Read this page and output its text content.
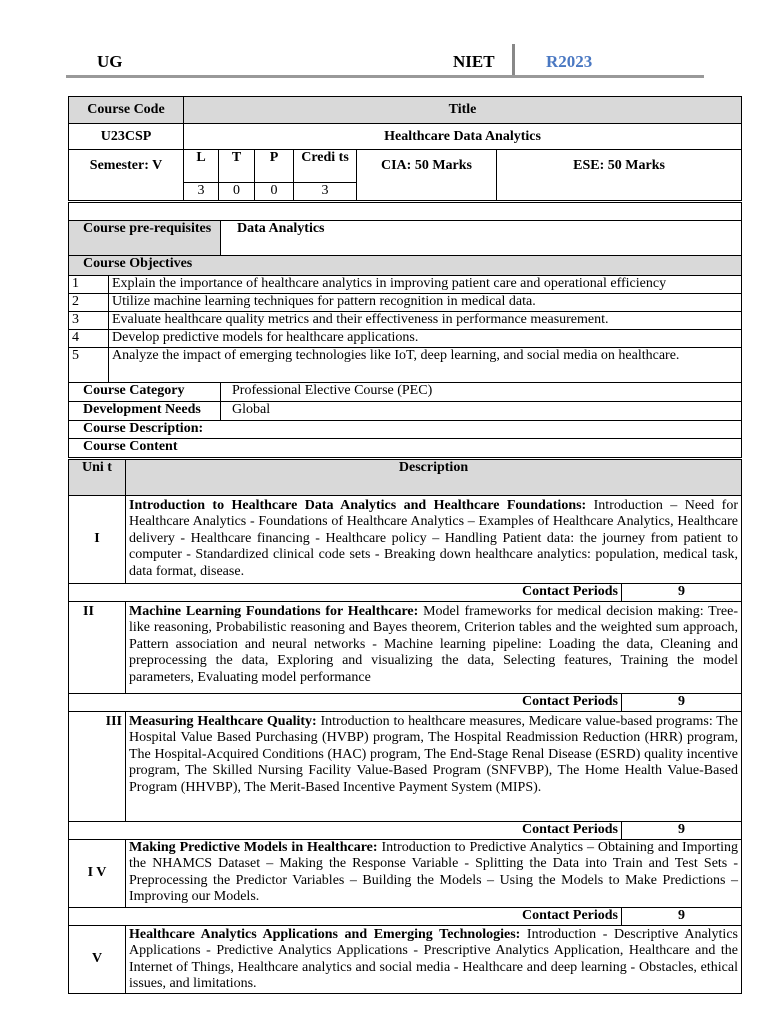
UG	NIET	R2023
Course Code	Title					
U23CSP	Healthcare Data Analytics					
Semester: V	L	T	P	Credi ts	CIA: 50 Marks	ESE: 50 Marks
	3	0	0	3		

Course pre-requisites		Data Analytics
Course Objectives		
1	Explain the importance of healthcare analytics in improving patient care and operational efficiency	
2	Utilize machine learning techniques for pattern recognition in medical data.	
3	Evaluate healthcare quality metrics and their effectiveness in performance measurement.	
4	Develop predictive models for healthcare applications.	
5	Analyze the impact of emerging technologies like IoT, deep learning, and social media on healthcare.	
Course Category		Professional Elective Course (PEC)
Development Needs		Global
Course Description:		
Course Content		
Uni t	Description	
I	Introduction to Healthcare Data Analytics and Healthcare Foundations: Introduction – Need for Healthcare Analytics - Foundations of Healthcare Analytics – Examples of Healthcare Analytics, Healthcare delivery - Healthcare financing - Healthcare policy – Handling Patient data: the journey from patient to computer - Standardized clinical code sets - Breaking down healthcare analytics: population, medical task, data format, disease.	
Contact Periods		9
II	Machine Learning Foundations for Healthcare: Model frameworks for medical decision making: Tree-like reasoning, Probabilistic reasoning and Bayes theorem, Criterion tables and the weighted sum approach, Pattern association and neural networks - Machine learning pipeline: Loading the data, Cleaning and preprocessing the data, Exploring and visualizing the data, Selecting features, Training the model parameters, Evaluating model performance	
Contact Periods		9
III	Measuring Healthcare Quality: Introduction to healthcare measures, Medicare value-based programs: The Hospital Value Based Purchasing (HVBP) program, The Hospital Readmission Reduction (HRR) program, The Hospital-Acquired Conditions (HAC) program, The End-Stage Renal Disease (ESRD) quality incentive program, The Skilled Nursing Facility Value-Based Program (SNFVBP), The Home Health Value-Based Program (HHVBP), The Merit-Based Incentive Payment System (MIPS).	
Contact Periods		9
I V	Making Predictive Models in Healthcare: Introduction to Predictive Analytics – Obtaining and Importing the NHAMCS Dataset – Making the Response Variable - Splitting the Data into Train and Test Sets - Preprocessing the Predictor Variables – Building the Models – Using the Models to Make Predictions – Improving our Models.	
Contact Periods		9
V	Healthcare Analytics Applications and Emerging Technologies: Introduction - Descriptive Analytics Applications - Predictive Analytics Applications - Prescriptive Analytics Application, Healthcare and the Internet of Things, Healthcare analytics and social media - Healthcare and deep learning - Obstacles, ethical issues, and limitations.	
